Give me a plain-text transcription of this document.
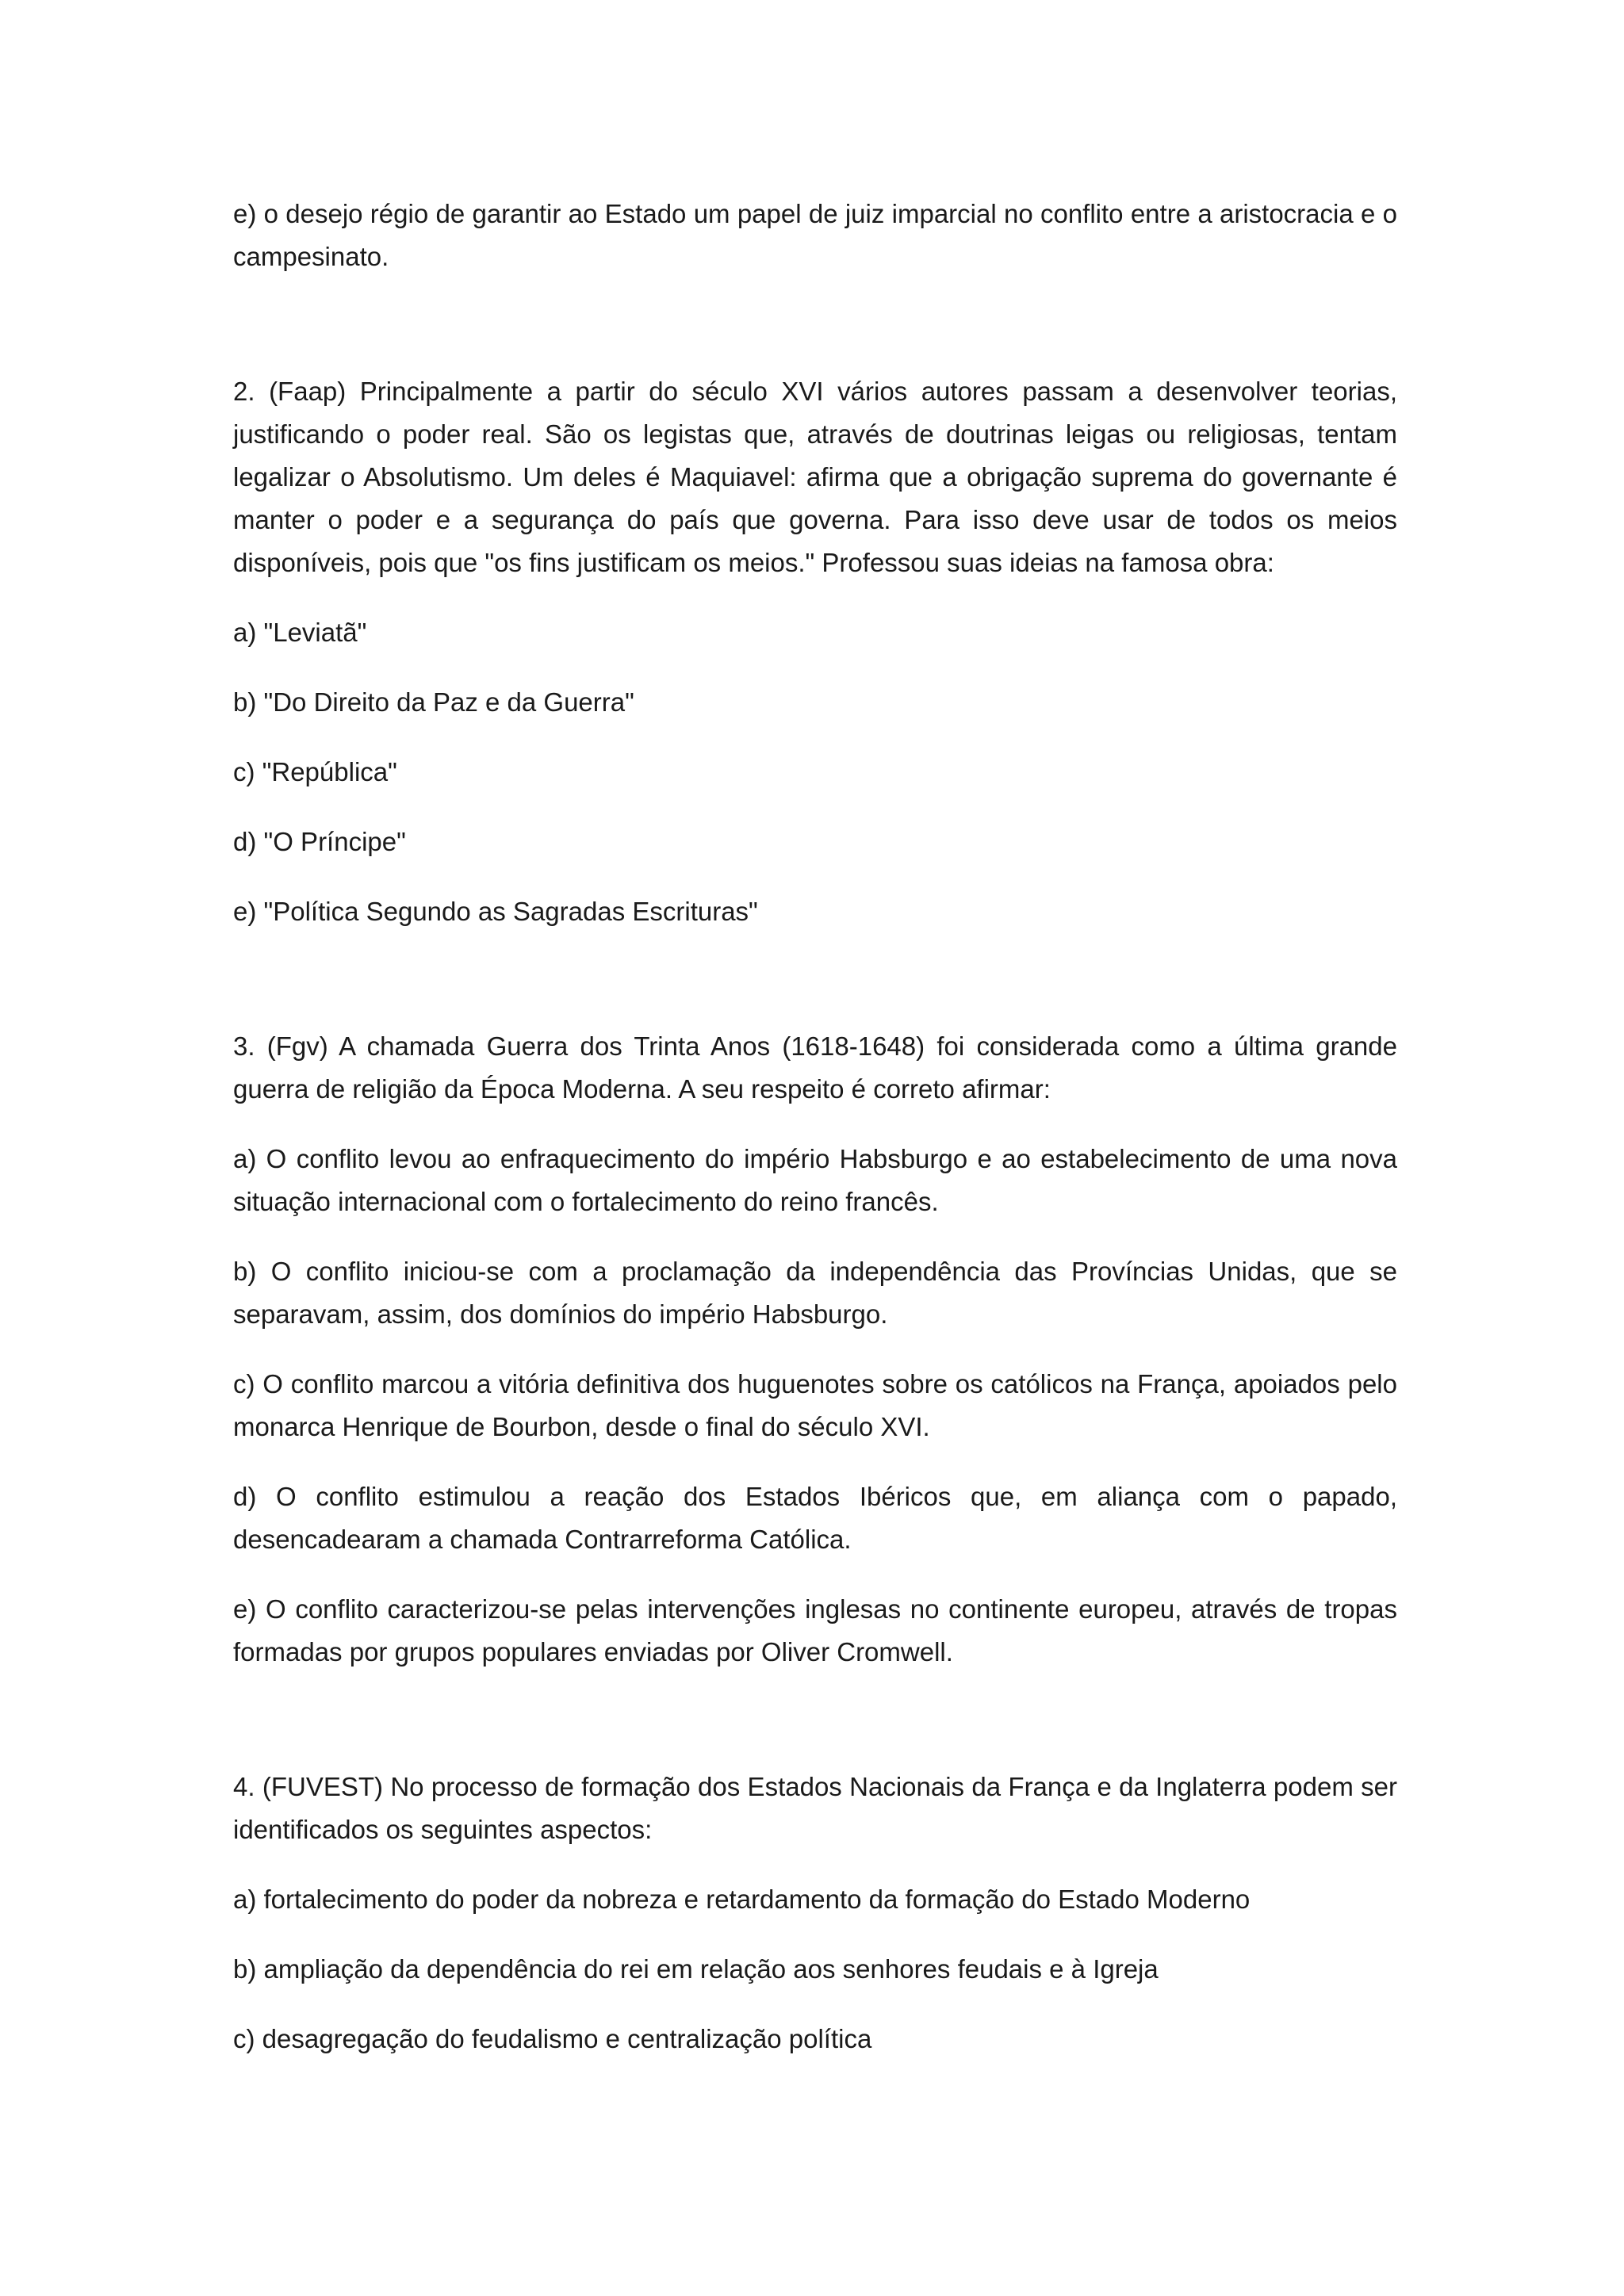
e) o desejo régio de garantir ao Estado um papel de juiz imparcial no conflito entre a aristocracia e o campesinato.

2. (Faap) Principalmente a partir do século XVI vários autores passam a desenvolver teorias, justificando o poder real. São os legistas que, através de doutrinas leigas ou religiosas, tentam legalizar o Absolutismo. Um deles é Maquiavel: afirma que a obrigação suprema do governante é manter o poder e a segurança do país que governa. Para isso deve usar de todos os meios disponíveis, pois que "os fins justificam os meios." Professou suas ideias na famosa obra:

a) "Leviatã"

b) "Do Direito da Paz e da Guerra"

c) "República"

d) "O Príncipe"

e) "Política Segundo as Sagradas Escrituras"

3. (Fgv) A chamada Guerra dos Trinta Anos (1618-1648) foi considerada como a última grande guerra de religião da Época Moderna. A seu respeito é correto afirmar:

a) O conflito levou ao enfraquecimento do império Habsburgo e ao estabelecimento de uma nova situação internacional com o fortalecimento do reino francês.

b) O conflito iniciou-se com a proclamação da independência das Províncias Unidas, que se separavam, assim, dos domínios do império Habsburgo.

c) O conflito marcou a vitória definitiva dos huguenotes sobre os católicos na França, apoiados pelo monarca Henrique de Bourbon, desde o final do século XVI.

d) O conflito estimulou a reação dos Estados Ibéricos que, em aliança com o papado, desencadearam a chamada Contrarreforma Católica.

e) O conflito caracterizou-se pelas intervenções inglesas no continente europeu, através de tropas formadas por grupos populares enviadas por Oliver Cromwell.

4. (FUVEST) No processo de formação dos Estados Nacionais da França e da Inglaterra podem ser identificados os seguintes aspectos:

a) fortalecimento do poder da nobreza e retardamento da formação do Estado Moderno

b) ampliação da dependência do rei em relação aos senhores feudais e à Igreja

c) desagregação do feudalismo e centralização política
